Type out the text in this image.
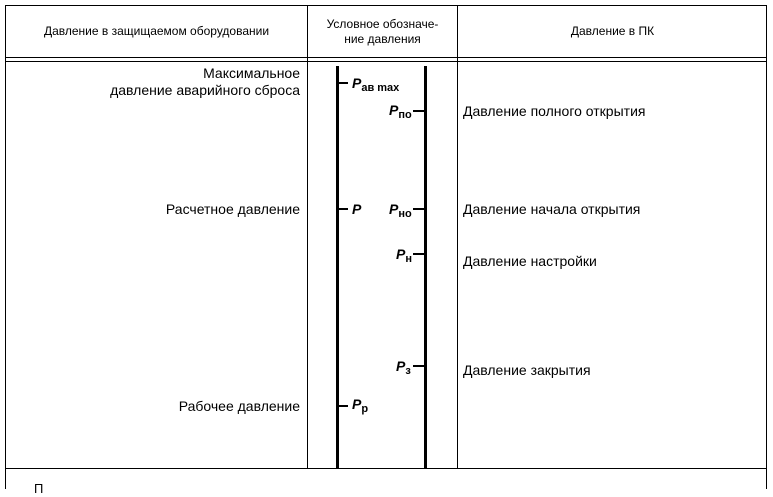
Давление в защищаемом оборудовании
Условное обозначе-
ние давления
Давление в ПК
Максимальное
давление аварийного сброса
Расчетное давление
Рабочее давление
$P_{ав max}$
P
$P_р$
$P_{по}$
$P_{но}$
$P_н$
$P_з$
Давление полного открытия
Давление начала открытия
Давление настройки
Давление закрытия
П
